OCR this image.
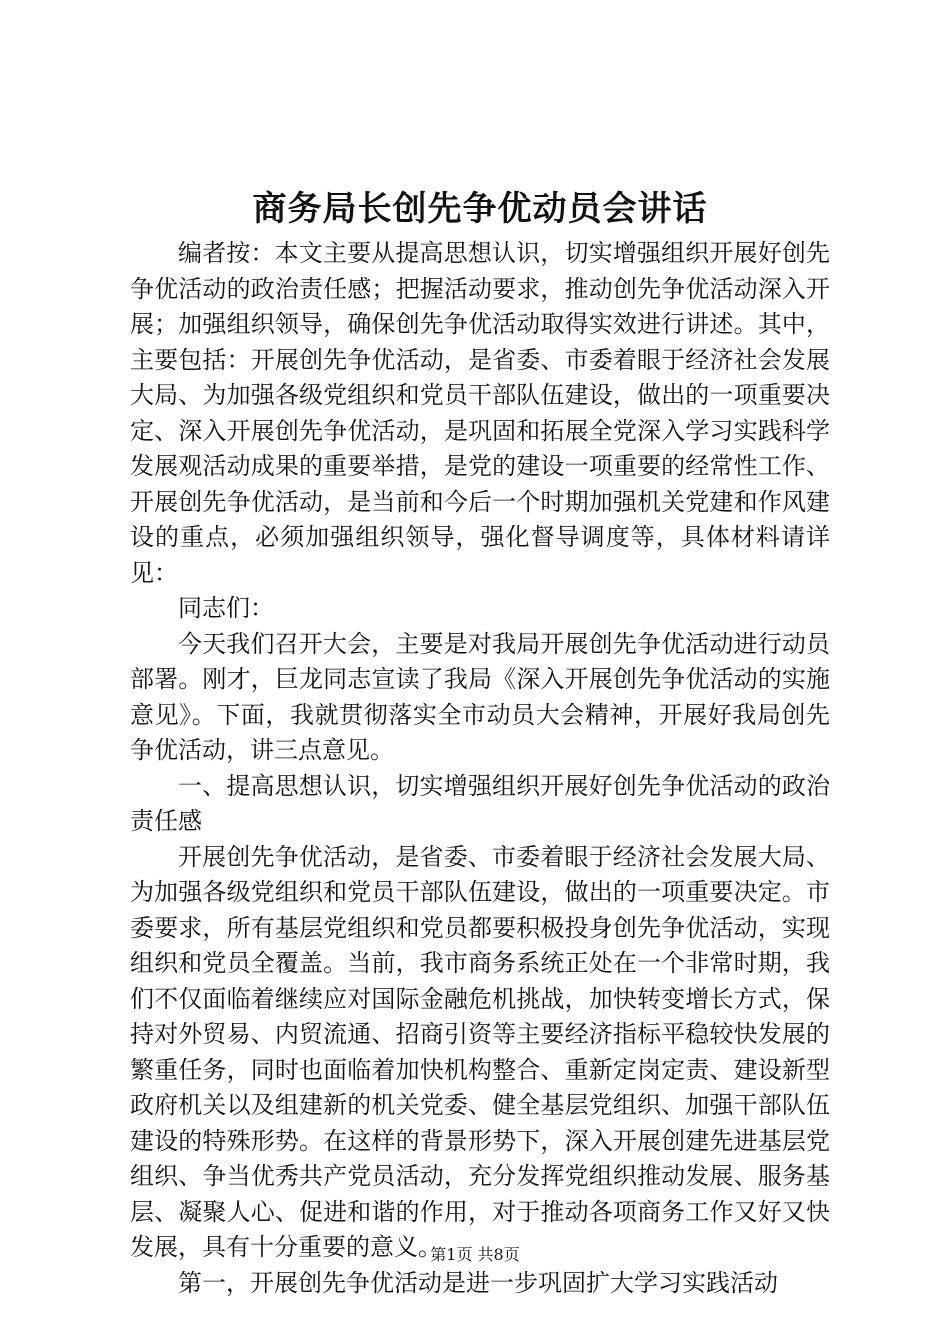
商务局长创先争优动员会讲话

编者按：本文主要从提高思想认识，切实增强组织开展好创先争优活动的政治责任感；把握活动要求，推动创先争优活动深入开展；加强组织领导，确保创先争优活动取得实效进行讲述。其中，主要包括：开展创先争优活动，是省委、市委着眼于经济社会发展大局、为加强各级党组织和党员干部队伍建设，做出的一项重要决定、深入开展创先争优活动，是巩固和拓展全党深入学习实践科学发展观活动成果的重要举措，是党的建设一项重要的经常性工作、开展创先争优活动，是当前和今后一个时期加强机关党建和作风建设的重点，必须加强组织领导，强化督导调度等，具体材料请详见：

同志们：

今天我们召开大会，主要是对我局开展创先争优活动进行动员部署。刚才，巨龙同志宣读了我局《深入开展创先争优活动的实施意见》。下面，我就贯彻落实全市动员大会精神，开展好我局创先争优活动，讲三点意见。

一、提高思想认识，切实增强组织开展好创先争优活动的政治责任感

开展创先争优活动，是省委、市委着眼于经济社会发展大局、为加强各级党组织和党员干部队伍建设，做出的一项重要决定。市委要求，所有基层党组织和党员都要积极投身创先争优活动，实现组织和党员全覆盖。当前，我市商务系统正处在一个非常时期，我们不仅面临着继续应对国际金融危机挑战，加快转变增长方式，保持对外贸易、内贸流通、招商引资等主要经济指标平稳较快发展的繁重任务，同时也面临着加快机构整合、重新定岗定责、建设新型政府机关以及组建新的机关党委、健全基层党组织、加强干部队伍建设的特殊形势。在这样的背景形势下，深入开展创建先进基层党组织、争当优秀共产党员活动，充分发挥党组织推动发展、服务基层、凝聚人心、促进和谐的作用，对于推动各项商务工作又好又快发展，具有十分重要的意义。

第一，开展创先争优活动是进一步巩固扩大学习实践活动

第1页 共8页
